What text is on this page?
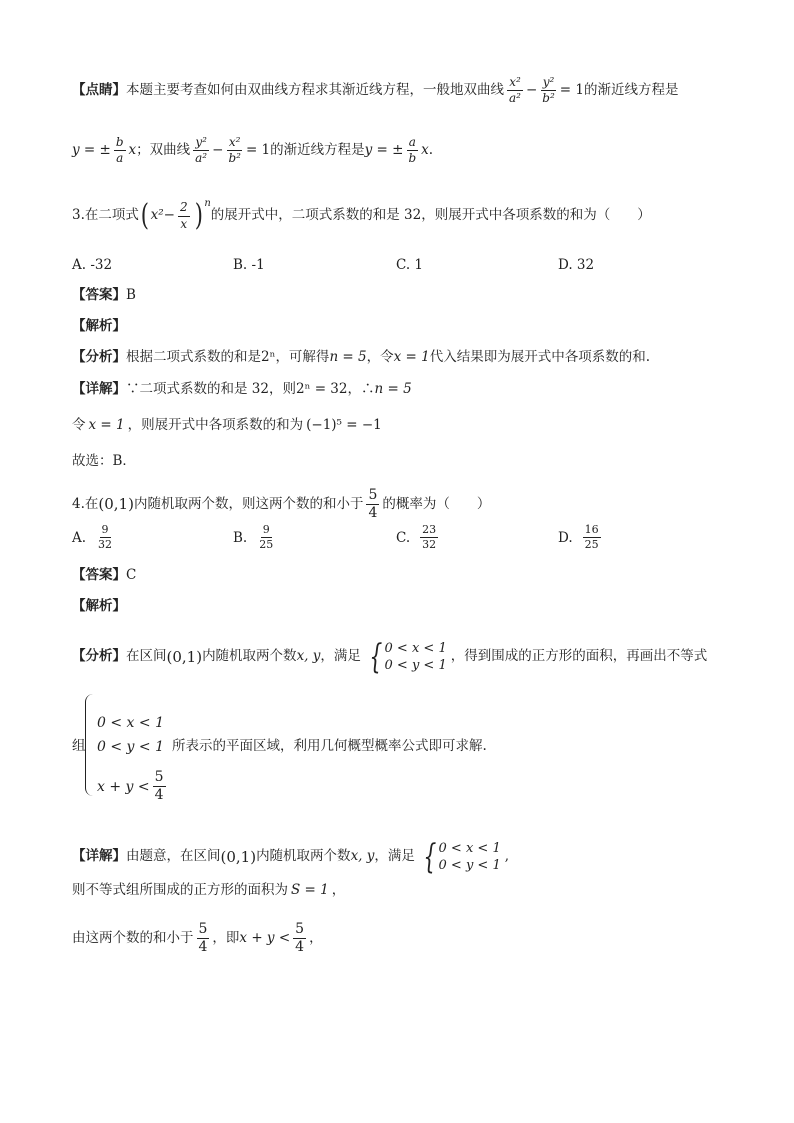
【点睛】 本题主要考查如何由双曲线方程求其渐近线方程，一般地双曲线 $\frac{\text{x²}}{\text{a²}} - \frac{\text{y²}}{\text{b²}} = 1$ 的渐近线方程是
y = ± $\frac{b}{a}$ x ；双曲线 $\frac{\text{y²}}{\text{a²}} - \frac{\text{x²}}{\text{b²}} = 1$ 的渐近线方程是 y = ± $\frac{a}{b}$ x .
3. 在二项式 ( $x^2 - \frac{2}{x}$ ) n
的展开式中，二项式系数的和是 32，则展开式中各项系数的和为（　　）
A. -32	B. -1	C. 1	D. 32
【答案】 B
【解析】
【分析】 根据二项式系数的和是 2ⁿ ，可解得 n = 5 ，令 x = 1 代入结果即为展开式中各项系数的和.
【详解】 ∵二项式系数的和是 32，则 2ⁿ = 32 ，∴ n = 5
令 x = 1 ，则展开式中各项系数的和为 (−1)⁵ = −1
故选：B．
4. 在 (0,1) 内随机取两个数，则这两个数的和小于 $\frac{5}{4}$ 的概率为（　　）
A. $\frac{9}{32}$	B. $\frac{9}{25}$	C. $\frac{23}{32}$	D. $\frac{16}{25}$
【答案】 C
【解析】
【分析】 在区间 (0,1) 内随机取两个数 x, y ，满足 { 0 < x < 1
0 < y < 1
，得到围成的正方形的面积，再画出不等式
组
0 < x < 1
0 < y < 1 所表示的平面区域，利用几何概型概率公式即可求解.
$x + y < \frac{5}{4}$
【详解】 由题意，在区间 (0,1) 内随机取两个数 x, y ，满足 { 0 < x < 1
0 < y < 1
,
则不等式组所围成的正方形的面积为 S = 1 ，
由这两个数的和小于 $\frac{5}{4}$ ，即 $x + y < \frac{5}{4}$ ，
